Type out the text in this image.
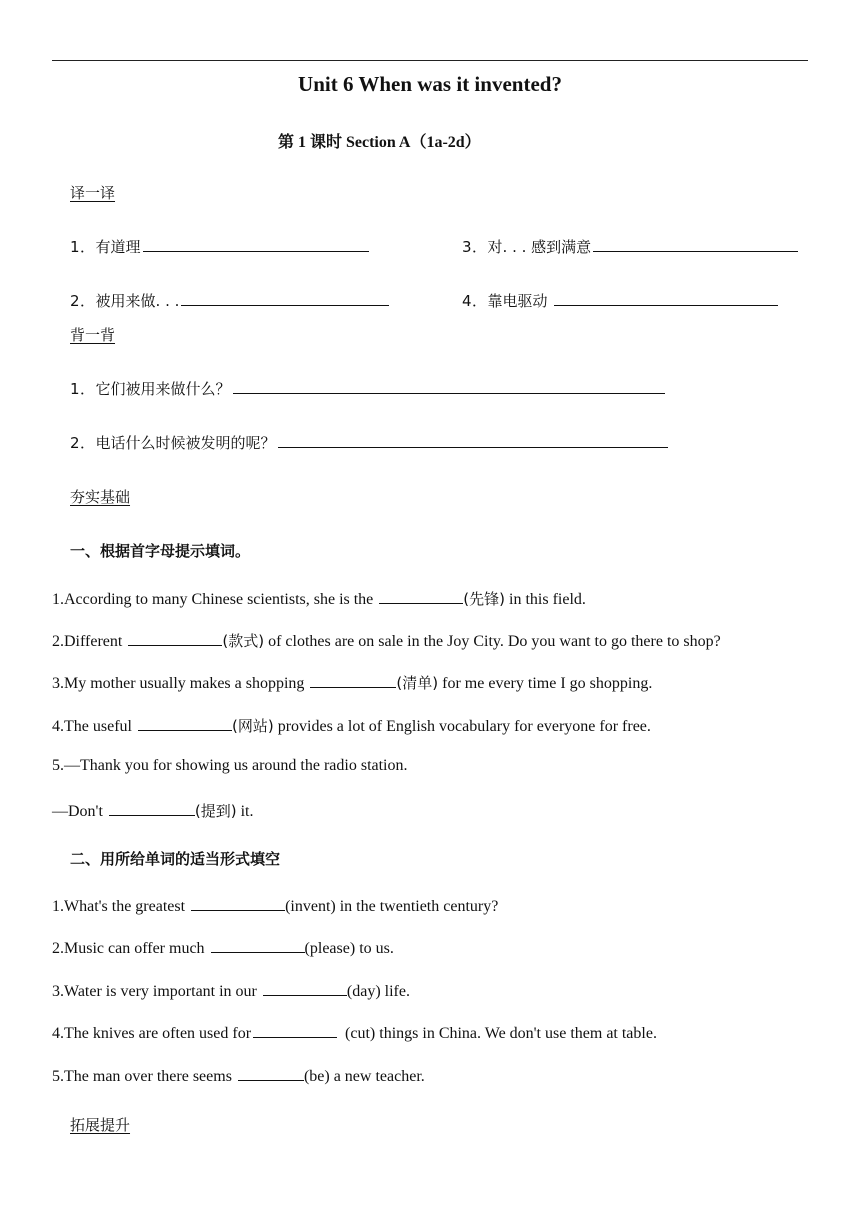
Unit 6 When was it invented?
第 1 课时 Section A（1a-2d）
译一译
1．有道理	3．对. . . 感到满意
2．被用来做. . .	4．靠电驱动
背一背
1．它们被用来做什么？
2．电话什么时候被发明的呢？
夯实基础
一、根据首字母提示填词。
1.According to many Chinese scientists, she is the	(先锋) in this field.
2.Different	(款式) of clothes are on sale in the Joy City. Do you want to go there to shop?
3.My mother usually makes a shopping	(清单) for me every time I go shopping.
4.The useful	(网站) provides a lot of English vocabulary for everyone for free.
5.—Thank you for showing us around the radio station.
—Don't	(提到) it.
二、用所给单词的适当形式填空
1.What's the greatest	(invent) in the twentieth century?
2.Music can offer much	(please) to us.
3.Water is very important in our	(day) life.
4.The knives are often used for	(cut) things in China. We don't use them at table.
5.The man over there seems	(be) a new teacher.
拓展提升
